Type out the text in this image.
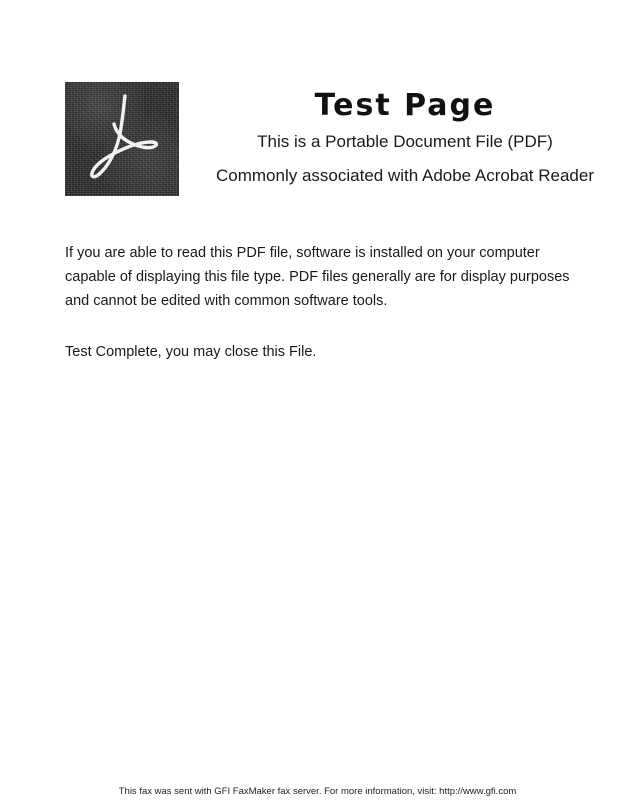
Test Page
This is a Portable Document File (PDF)
Commonly associated with Adobe Acrobat Reader

If you are able to read this PDF file, software is installed on your computer capable of displaying this file type. PDF files generally are for display purposes and cannot be edited with common software tools.

Test Complete, you may close this File.

This fax was sent with GFI FaxMaker fax server. For more information, visit: http://www.gfi.com
